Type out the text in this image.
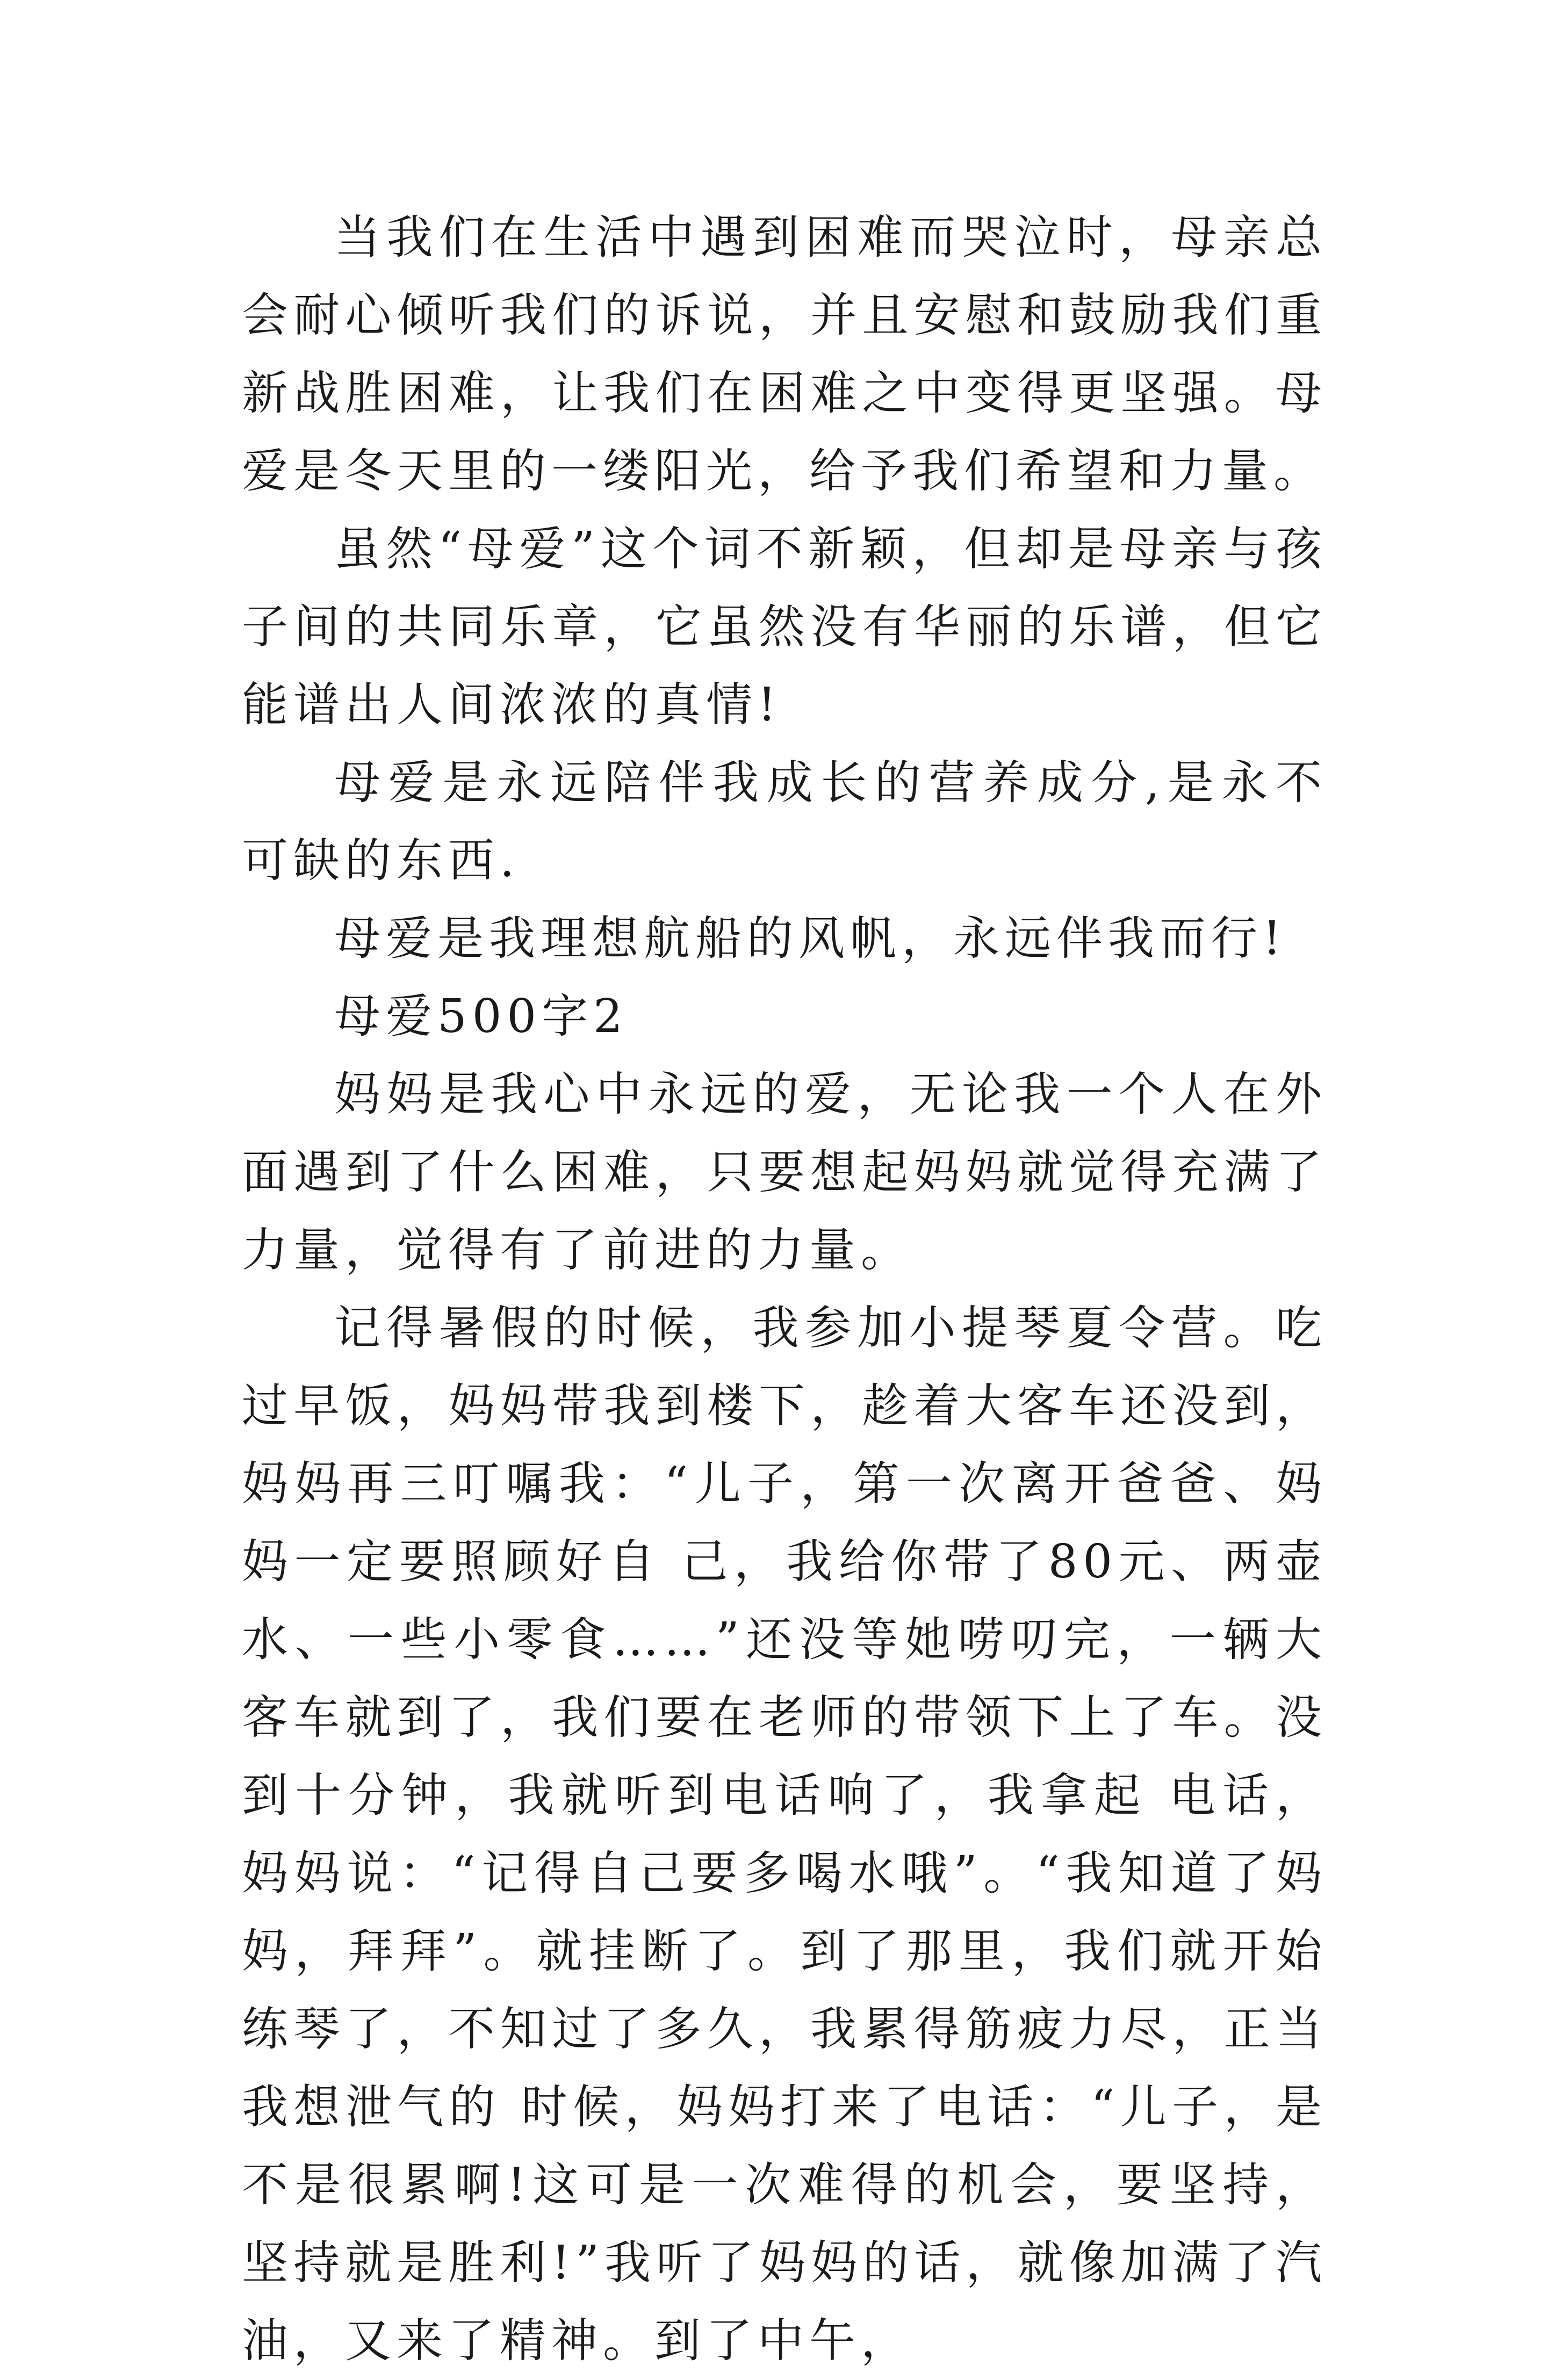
当我们在生活中遇到困难而哭泣时，母亲总会耐心倾听我们的诉说，并且安慰和鼓励我们重新战胜困难，让我们在困难之中变得更坚强。母爱是冬天里的一缕阳光，给予我们希望和力量。

虽然“母爱”这个词不新颖，但却是母亲与孩子间的共同乐章，它虽然没有华丽的乐谱，但它能谱出人间浓浓的真情!

母爱是永远陪伴我成长的营养成分,是永不可缺的东西.

母爱是我理想航船的风帆，永远伴我而行!

母爱500字2

妈妈是我心中永远的爱，无论我一个人在外面遇到了什么困难，只要想起妈妈就觉得充满了力量，觉得有了前进的力量。

记得暑假的时候，我参加小提琴夏令营。吃过早饭，妈妈带我到楼下，趁着大客车还没到，妈妈再三叮嘱我：“儿子，第一次离开爸爸、妈妈一定要照顾好自 己，我给你带了80元、两壶水、一些小零食……”还没等她唠叨完，一辆大客车就到了，我们要在老师的带领下上了车。没到十分钟，我就听到电话响了，我拿起 电话，妈妈说：“记得自己要多喝水哦”。“我知道了妈妈，拜拜”。就挂断了。到了那里，我们就开始练琴了，不知过了多久，我累得筋疲力尽，正当我想泄气的 时候，妈妈打来了电话：“儿子，是不是很累啊!这可是一次难得的机会，要坚持，坚持就是胜利!”我听了妈妈的话，就像加满了汽油，又来了精神。到了中午，
